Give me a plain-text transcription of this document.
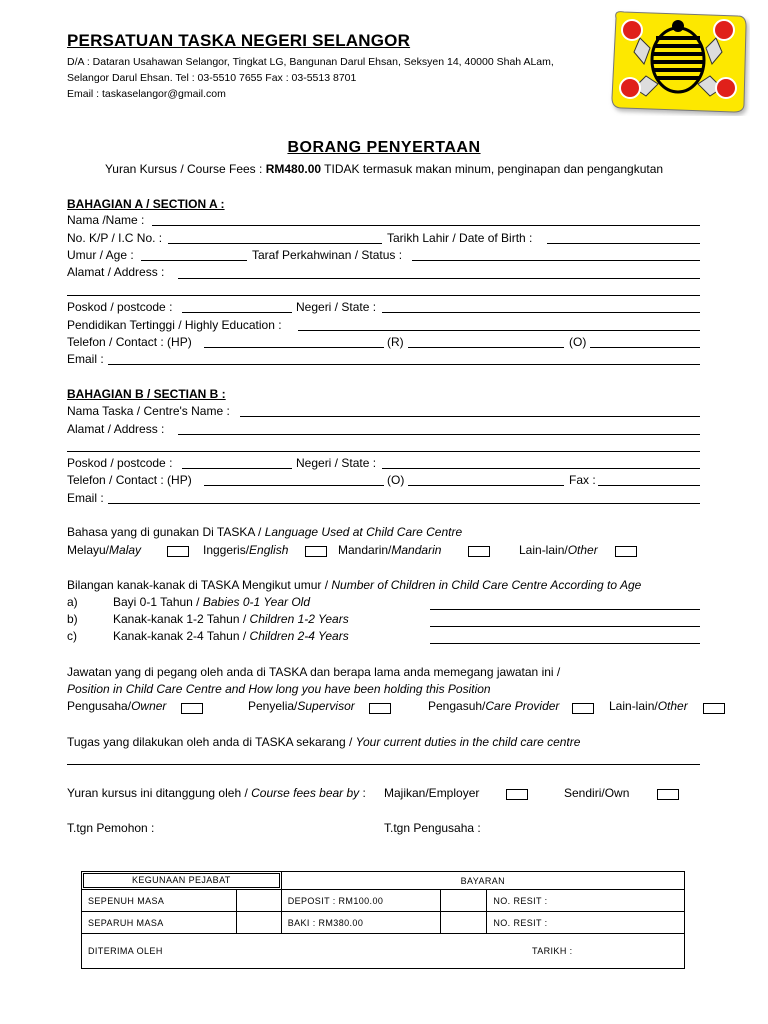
PERSATUAN TASKA NEGERI SELANGOR
D/A : Dataran Usahawan Selangor, Tingkat LG, Bangunan Darul Ehsan, Seksyen 14, 40000 Shah ALam,
Selangor Darul Ehsan. Tel : 03-5510 7655 Fax : 03-5513 8701
Email : taskaselangor@gmail.com
BORANG PENYERTAAN
Yuran Kursus / Course Fees : RM480.00 TIDAK termasuk makan minum, penginapan dan pengangkutan
BAHAGIAN A / SECTION A :
Nama /Name :
No. K/P / I.C No. :	Tarikh Lahir / Date of Birth :
Umur / Age :	Taraf Perkahwinan / Status :
Alamat / Address :
Poskod / postcode :	Negeri / State :
Pendidikan Tertinggi / Highly Education :
Telefon / Contact : (HP)	(R)	(O)
Email :
BAHAGIAN B / SECTIAN B :
Nama Taska / Centre's Name :
Alamat / Address :
Poskod / postcode :	Negeri / State :
Telefon / Contact : (HP)	(O)	Fax :
Email :
Bahasa yang di gunakan Di TASKA / Language Used at Child Care Centre
Melayu/Malay	Inggeris/English	Mandarin/Mandarin	Lain-lain/Other
Bilangan kanak-kanak di TASKA Mengikut umur / Number of Children in Child Care Centre According to Age
a)	Bayi 0-1 Tahun / Babies 0-1 Year Old
b)	Kanak-kanak 1-2 Tahun / Children 1-2 Years
c)	Kanak-kanak 2-4 Tahun / Children 2-4 Years
Jawatan yang di pegang oleh anda di TASKA dan berapa lama anda memegang jawatan ini /
Position in Child Care Centre and How long you have been holding this Position
Pengusaha/Owner	Penyelia/Supervisor	Pengasuh/Care Provider	Lain-lain/Other
Tugas yang dilakukan oleh anda di TASKA sekarang / Your current duties in the child care centre
Yuran kursus ini ditanggung oleh / Course fees bear by : Majikan/Employer	Sendiri/Own
T.tgn Pemohon :	T.tgn Pengusaha :
KEGUNAAN PEJABAT		BAYARAN		
SEPENUH MASA		DEPOSIT : RM100.00		NO. RESIT :
SEPARUH MASA		BAKI : RM380.00		NO. RESIT :
DITERIMA OLEH TARIKH :				
